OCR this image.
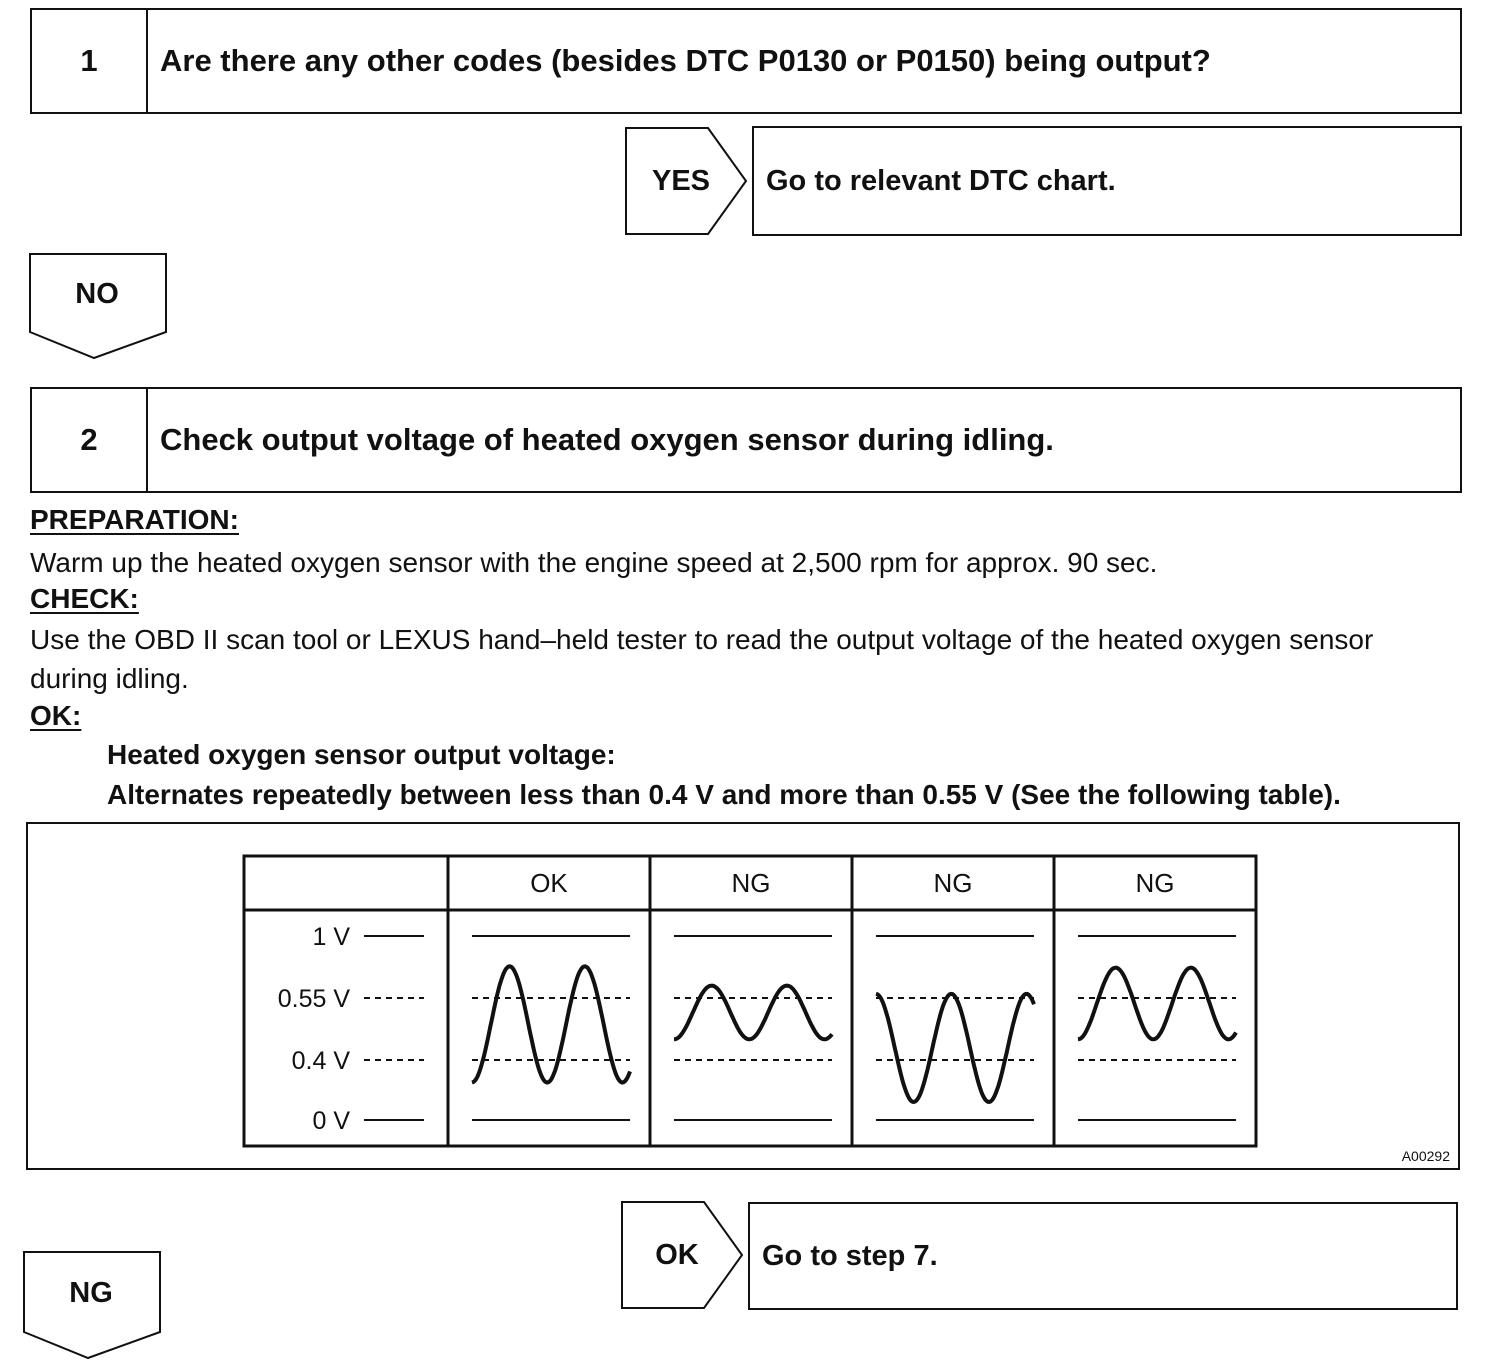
1	Are there any other codes (besides DTC P0130 or P0150) being output?
YES	Go to relevant DTC chart.
NO
2	Check output voltage of heated oxygen sensor during idling.
PREPARATION:
Warm up the heated oxygen sensor with the engine speed at 2,500 rpm for approx. 90 sec.
CHECK:
Use the OBD II scan tool or LEXUS hand–held tester to read the output voltage of the heated oxygen sensor
during idling.
OK:
Heated oxygen sensor output voltage:
Alternates repeatedly between less than 0.4 V and more than 0.55 V (See the following table).
OK	NG	NG	NG
1 V
0.55 V
0.4 V
0 V
A00292
OK	Go to step 7.
NG
